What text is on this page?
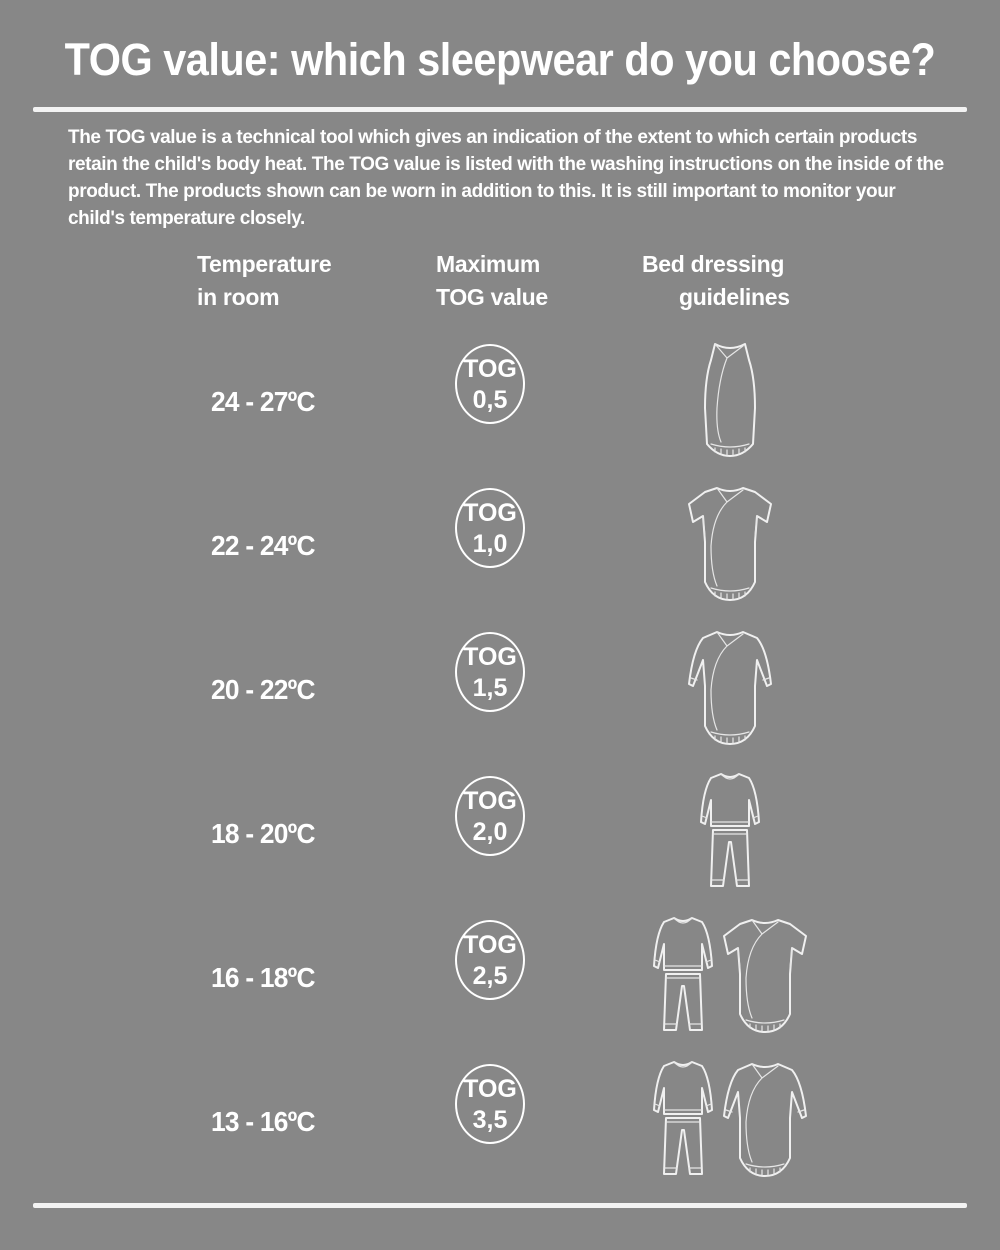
TOG value: which sleepwear do you choose?
The TOG value is a technical tool which gives an indication of the extent to which certain products retain the child's body heat. The TOG value is listed with the washing instructions on the inside of the product. The products shown can be worn in addition to this. It is still important to monitor your child's temperature closely.
Temperature
in room
Maximum
TOG value
Bed dressing
guidelines
24 - 27ºC
TOG
0,5
22 - 24ºC
TOG
1,0
20 - 22ºC
TOG
1,5
18 - 20ºC
TOG
2,0
16 - 18ºC
TOG
2,5
13 - 16ºC
TOG
3,5
